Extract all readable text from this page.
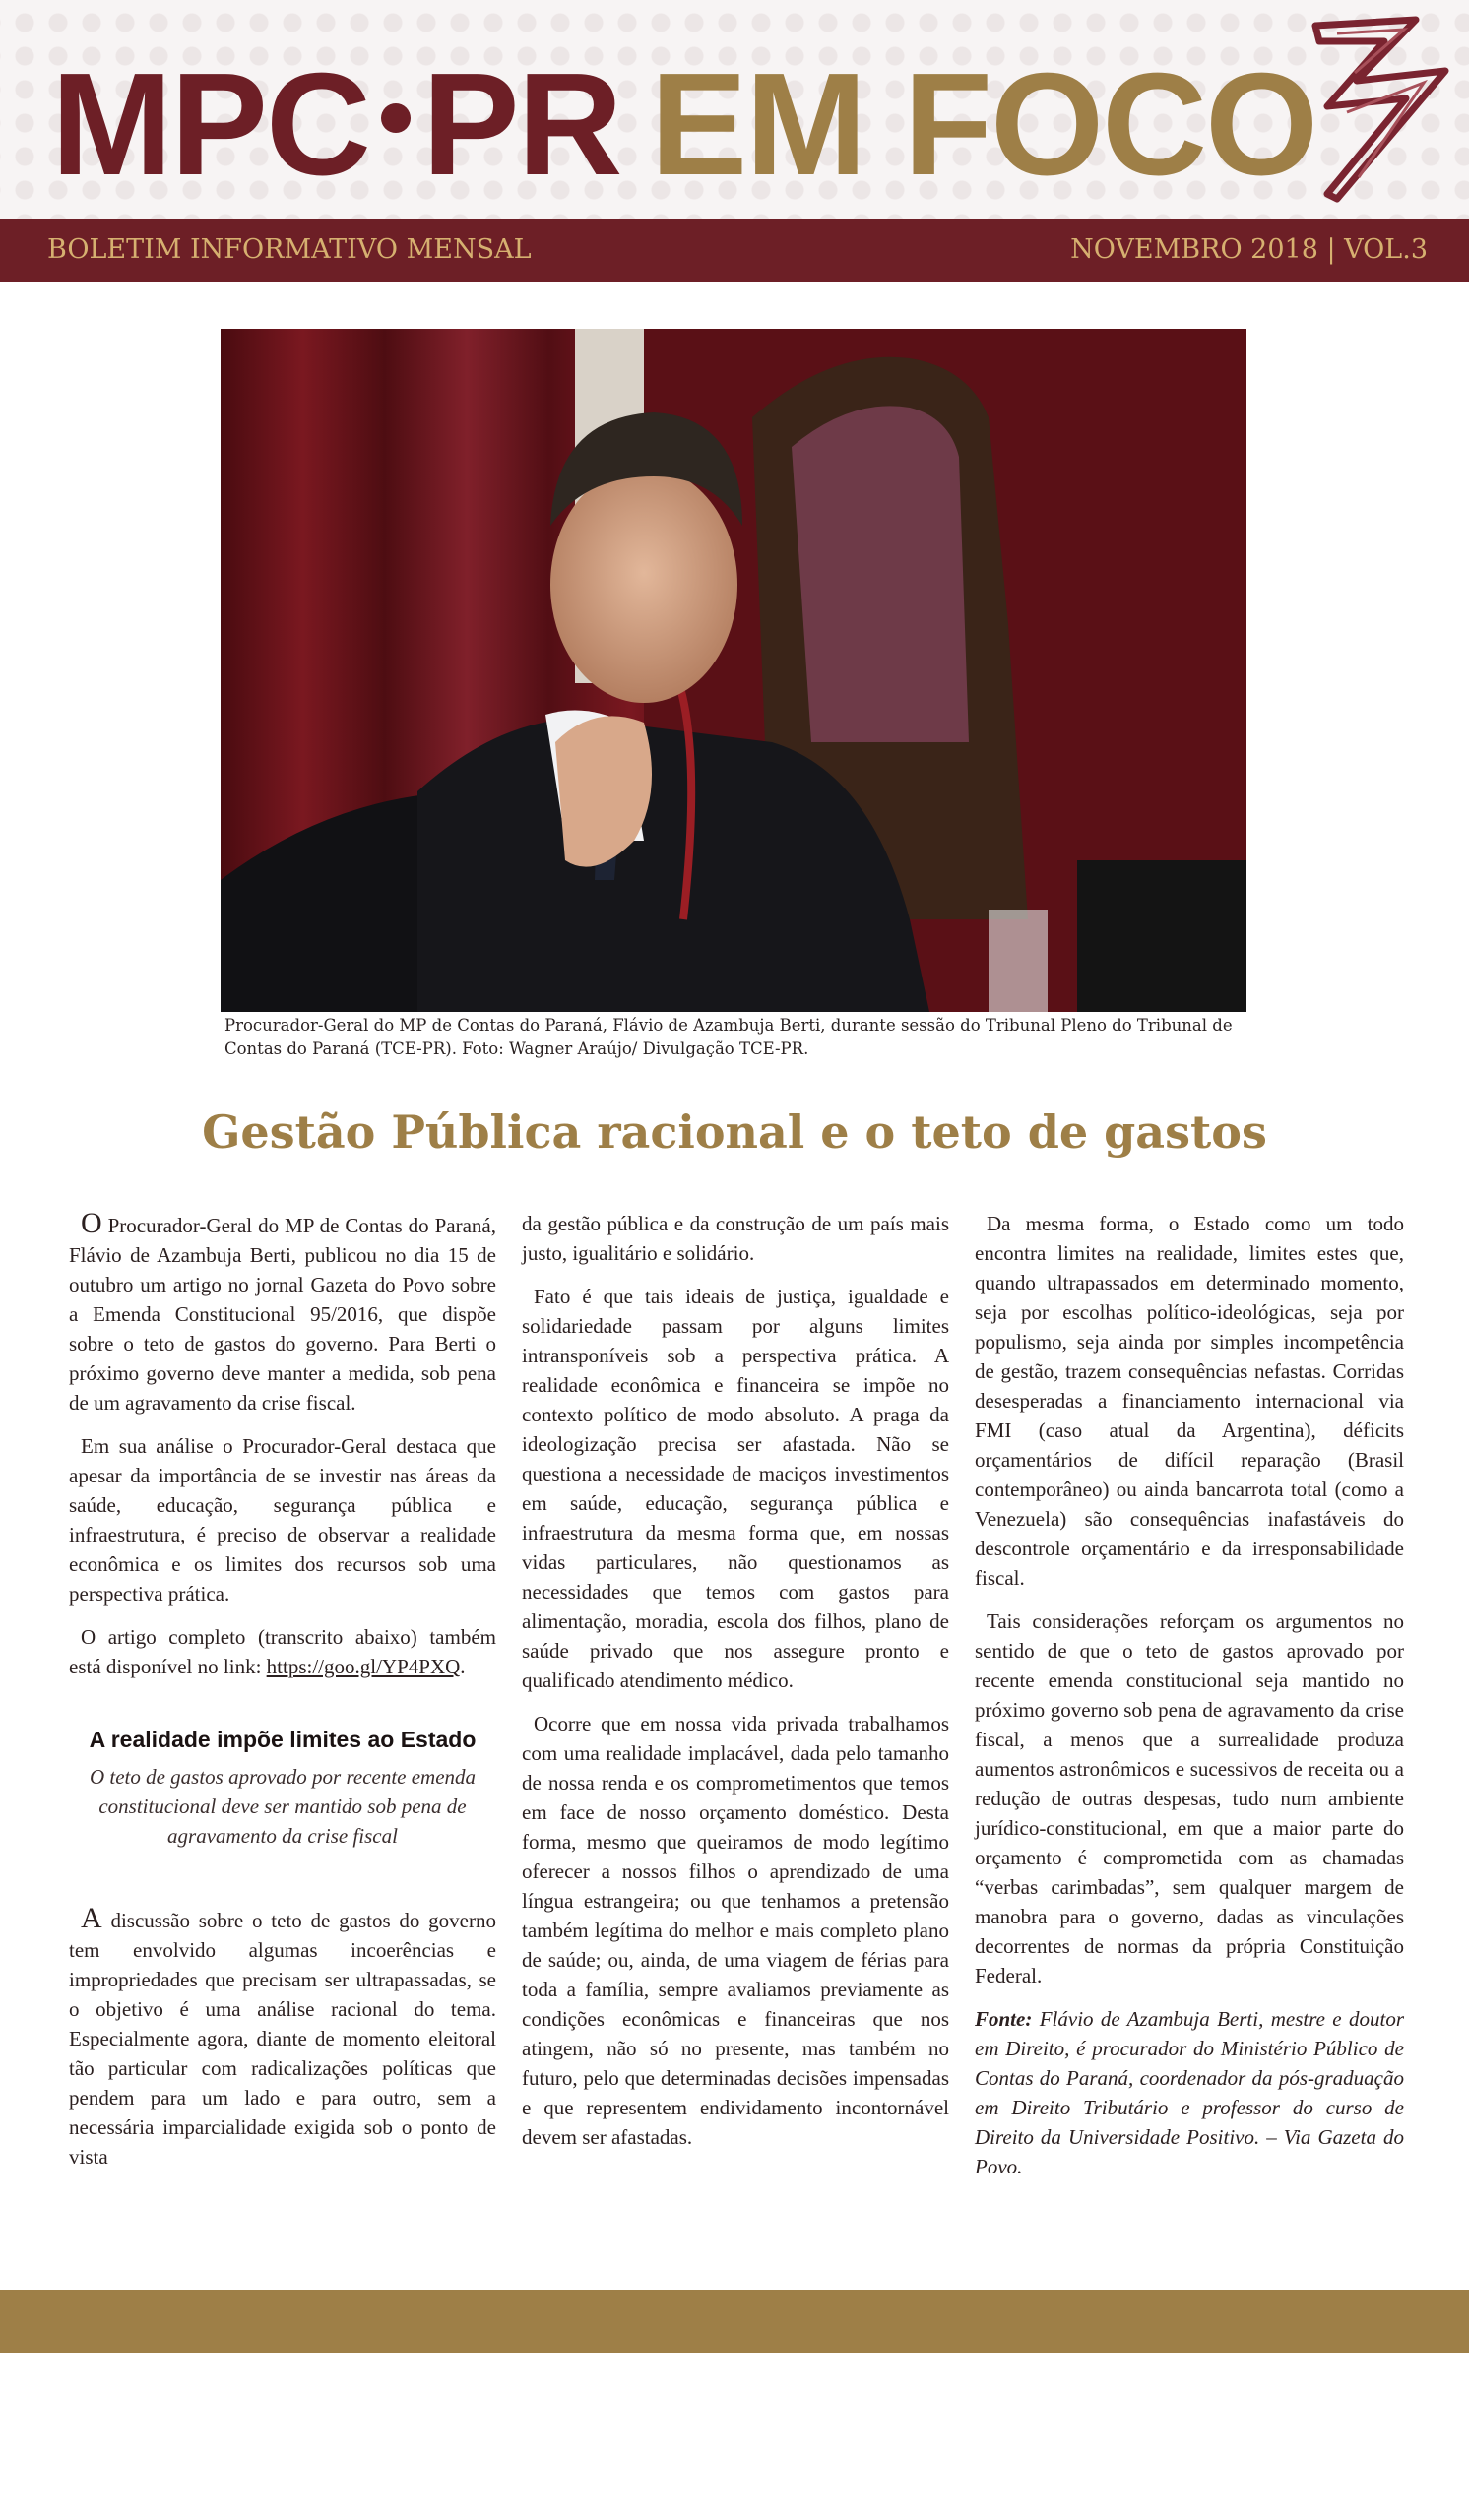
MPC PR EM FOCO
BOLETIM INFORMATIVO MENSAL	NOVEMBRO 2018 | VOL.3
Procurador-Geral do MP de Contas do Paraná, Flávio de Azambuja Berti, durante sessão do Tribunal Pleno do Tribunal de Contas do Paraná (TCE-PR). Foto: Wagner Araújo/ Divulgação TCE-PR.
Gestão Pública racional e o teto de gastos

O Procurador-Geral do MP de Contas do Paraná, Flávio de Azambuja Berti, publicou no dia 15 de outubro um artigo no jornal Gazeta do Povo sobre a Emenda Constitucional 95/2016, que dispõe sobre o teto de gastos do governo. Para Berti o próximo governo deve manter a medida, sob pena de um agravamento da crise fiscal.

Em sua análise o Procurador-Geral destaca que apesar da importância de se investir nas áreas da saúde, educação, segurança pública e infraestrutura, é preciso de observar a realidade econômica e os limites dos recursos sob uma perspectiva prática.

O artigo completo (transcrito abaixo) também está disponível no link: https://goo.gl/YP4PXQ.

A realidade impõe limites ao Estado
O teto de gastos aprovado por recente emenda constitucional deve ser mantido sob pena de agravamento da crise fiscal

A discussão sobre o teto de gastos do governo tem envolvido algumas incoerências e impropriedades que precisam ser ultrapassadas, se o objetivo é uma análise racional do tema. Especialmente agora, diante de momento eleitoral tão particular com radicalizações políticas que pendem para um lado e para outro, sem a necessária imparcialidade exigida sob o ponto de vista

da gestão pública e da construção de um país mais justo, igualitário e solidário.

Fato é que tais ideais de justiça, igualdade e solidariedade passam por alguns limites intransponíveis sob a perspectiva prática. A realidade econômica e financeira se impõe no contexto político de modo absoluto. A praga da ideologização precisa ser afastada. Não se questiona a necessidade de maciços investimentos em saúde, educação, segurança pública e infraestrutura da mesma forma que, em nossas vidas particulares, não questionamos as necessidades que temos com gastos para alimentação, moradia, escola dos filhos, plano de saúde privado que nos assegure pronto e qualificado atendimento médico.

Ocorre que em nossa vida privada trabalhamos com uma realidade implacável, dada pelo tamanho de nossa renda e os comprometimentos que temos em face de nosso orçamento doméstico. Desta forma, mesmo que queiramos de modo legítimo oferecer a nossos filhos o aprendizado de uma língua estrangeira; ou que tenhamos a pretensão também legítima do melhor e mais completo plano de saúde; ou, ainda, de uma viagem de férias para toda a família, sempre avaliamos previamente as condições econômicas e financeiras que nos atingem, não só no presente, mas também no futuro, pelo que determinadas decisões impensadas e que representem endividamento incontornável devem ser afastadas.

Da mesma forma, o Estado como um todo encontra limites na realidade, limites estes que, quando ultrapassados em determinado momento, seja por escolhas político-ideológicas, seja por populismo, seja ainda por simples incompetência de gestão, trazem consequências nefastas. Corridas desesperadas a financiamento internacional via FMI (caso atual da Argentina), déficits orçamentários de difícil reparação (Brasil contemporâneo) ou ainda bancarrota total (como a Venezuela) são consequências inafastáveis do descontrole orçamentário e da irresponsabilidade fiscal.

Tais considerações reforçam os argumentos no sentido de que o teto de gastos aprovado por recente emenda constitucional seja mantido no próximo governo sob pena de agravamento da crise fiscal, a menos que a surrealidade produza aumentos astronômicos e sucessivos de receita ou a redução de outras despesas, tudo num ambiente jurídico-constitucional, em que a maior parte do orçamento é comprometida com as chamadas “verbas carimbadas”, sem qualquer margem de manobra para o governo, dadas as vinculações decorrentes de normas da própria Constituição Federal.

Fonte: Flávio de Azambuja Berti, mestre e doutor em Direito, é procurador do Ministério Público de Contas do Paraná, coordenador da pós-graduação em Direito Tributário e professor do curso de Direito da Universidade Positivo. – Via Gazeta do Povo.
